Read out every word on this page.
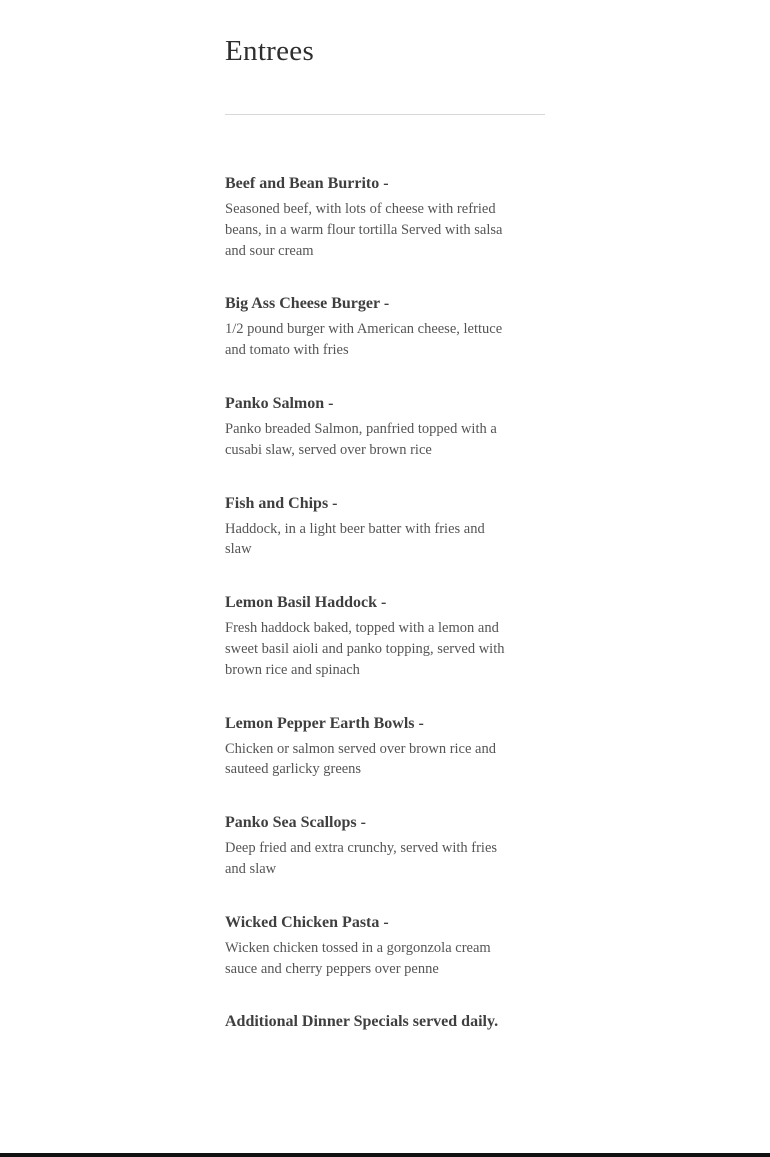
Entrees
Beef and Bean Burrito -
Seasoned beef, with lots of cheese with refried beans, in a warm flour tortilla Served with salsa and sour cream
Big Ass Cheese Burger -
1/2 pound burger with American cheese, lettuce and tomato with fries
Panko Salmon -
Panko breaded Salmon, panfried topped with a cusabi slaw, served over brown rice
Fish and Chips -
Haddock, in a light beer batter with fries and slaw
Lemon Basil Haddock -
Fresh haddock baked, topped with a lemon and sweet basil aioli and panko topping, served with brown rice and spinach
Lemon Pepper Earth Bowls -
Chicken or salmon served over brown rice and sauteed garlicky greens
Panko Sea Scallops -
Deep fried and extra crunchy, served with fries and slaw
Wicked Chicken Pasta -
Wicken chicken tossed in a gorgonzola cream sauce and cherry peppers over penne
Additional Dinner Specials served daily.
